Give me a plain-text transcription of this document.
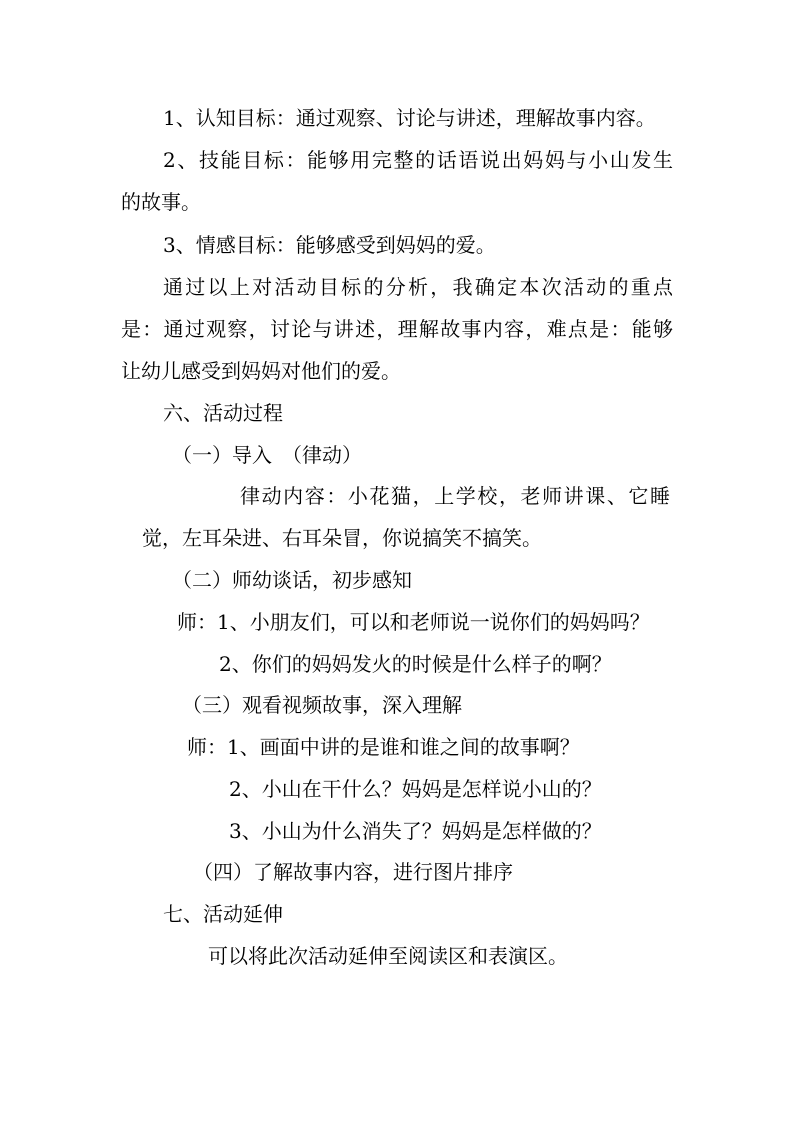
1、认知目标：通过观察、讨论与讲述，理解故事内容。
2、技能目标：能够用完整的话语说出妈妈与小山发生
的故事。
3、情感目标：能够感受到妈妈的爱。
通过以上对活动目标的分析，我确定本次活动的重点
是：通过观察，讨论与讲述，理解故事内容，难点是：能够
让幼儿感受到妈妈对他们的爱。
六、活动过程
（一）导入　（律动）
律动内容：小花猫，上学校，老师讲课、它睡
觉，左耳朵进、右耳朵冒，你说搞笑不搞笑。
（二）师幼谈话，初步感知
师：1、小朋友们，可以和老师说一说你们的妈妈吗？
2、你们的妈妈发火的时候是什么样子的啊？
（三）观看视频故事，深入理解
师：1、画面中讲的是谁和谁之间的故事啊？
2、小山在干什么？妈妈是怎样说小山的？
3、小山为什么消失了？妈妈是怎样做的？
（四）了解故事内容，进行图片排序
七、活动延伸
可以将此次活动延伸至阅读区和表演区。
